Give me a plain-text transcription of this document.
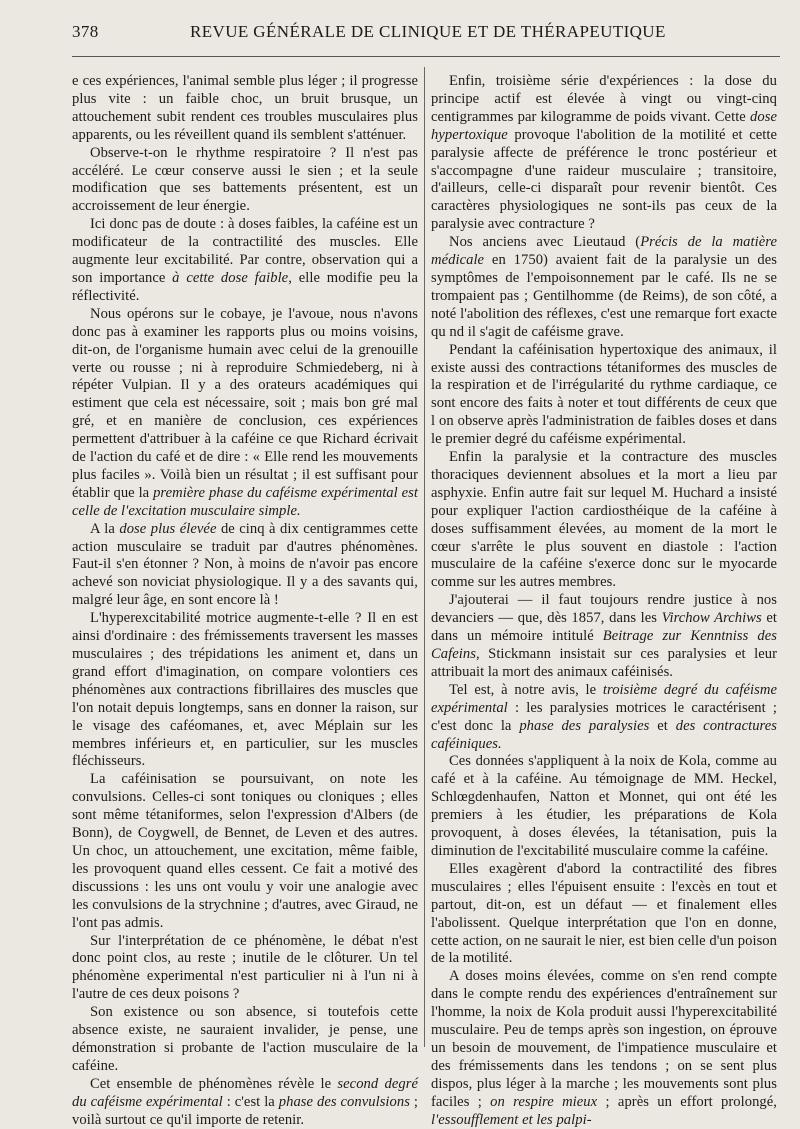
378	REVUE GÉNÉRALE DE CLINIQUE ET DE THÉRAPEUTIQUE

e ces expériences, l'animal semble plus léger ; il progresse plus vite : un faible choc, un bruit brusque, un attouchement subit rendent ces troubles musculaires plus apparents, ou les réveillent quand ils semblent s'atténuer.

Observe-t-on le rhythme respiratoire ? Il n'est pas accéléré. Le cœur conserve aussi le sien ; et la seule modification que ses battements présentent, est un accroissement de leur énergie.

Ici donc pas de doute : à doses faibles, la caféine est un modificateur de la contractilité des muscles. Elle augmente leur excitabilité. Par contre, observation qui a son importance à cette dose faible, elle modifie peu la réflectivité.

Nous opérons sur le cobaye, je l'avoue, nous n'avons donc pas à examiner les rapports plus ou moins voisins, dit-on, de l'organisme humain avec celui de la grenouille verte ou rousse ; ni à reproduire Schmiedeberg, ni à répéter Vulpian. Il y a des orateurs académiques qui estiment que cela est nécessaire, soit ; mais bon gré mal gré, et en manière de conclusion, ces expériences permettent d'attribuer à la caféine ce que Richard écrivait de l'action du café et de dire : « Elle rend les mouvements plus faciles ». Voilà bien un résultat ; il est suffisant pour établir que la première phase du caféisme expérimental est celle de l'excitation musculaire simple.

A la dose plus élevée de cinq à dix centigrammes cette action musculaire se traduit par d'autres phénomènes. Faut-il s'en étonner ? Non, à moins de n'avoir pas encore achevé son noviciat physiologique. Il y a des savants qui, malgré leur âge, en sont encore là !

L'hyperexcitabilité motrice augmente-t-elle ? Il en est ainsi d'ordinaire : des frémissements traversent les masses musculaires ; des trépidations les animent et, dans un grand effort d'imagination, on compare volontiers ces phénomènes aux contractions fibrillaires des muscles que l'on notait depuis longtemps, sans en donner la raison, sur le visage des caféomanes, et, avec Méplain sur les membres inférieurs et, en particulier, sur les muscles fléchisseurs.

La caféinisation se poursuivant, on note les convulsions. Celles-ci sont toniques ou cloniques ; elles sont même tétaniformes, selon l'expression d'Albers (de Bonn), de Coygwell, de Bennet, de Leven et des autres. Un choc, un attouchement, une excitation, même faible, les provoquent quand elles cessent. Ce fait a motivé des discussions : les uns ont voulu y voir une analogie avec les convulsions de la strychnine ; d'autres, avec Giraud, ne l'ont pas admis.

Sur l'interprétation de ce phénomène, le débat n'est donc point clos, au reste ; inutile de le clôturer. Un tel phénomène experimental n'est particulier ni à l'un ni à l'autre de ces deux poisons ?

Son existence ou son absence, si toutefois cette absence existe, ne sauraient invalider, je pense, une démonstration si probante de l'action musculaire de la caféine.

Cet ensemble de phénomènes révèle le second degré du caféisme expérimental : c'est la phase des convulsions ; voilà surtout ce qu'il importe de retenir.

Enfin, troisième série d'expériences : la dose du principe actif est élevée à vingt ou vingt-cinq centigrammes par kilogramme de poids vivant. Cette dose hypertoxique provoque l'abolition de la motilité et cette paralysie affecte de préférence le tronc postérieur et s'accompagne d'une raideur musculaire ; transitoire, d'ailleurs, celle-ci disparaît pour revenir bientôt. Ces caractères physiologiques ne sont-ils pas ceux de la paralysie avec contracture ?

Nos anciens avec Lieutaud (Précis de la matière médicale en 1750) avaient fait de la paralysie un des symptômes de l'empoisonnement par le café. Ils ne se trompaient pas ; Gentilhomme (de Reims), de son côté, a noté l'abolition des réflexes, c'est une remarque fort exacte qu nd il s'agit de caféisme grave.

Pendant la caféinisation hypertoxique des animaux, il existe aussi des contractions tétaniformes des muscles de la respiration et de l'irrégularité du rythme cardiaque, ce sont encore des faits à noter et tout différents de ceux que l on observe après l'administration de faibles doses et dans le premier degré du caféisme expérimental.

Enfin la paralysie et la contracture des muscles thoraciques deviennent absolues et la mort a lieu par asphyxie. Enfin autre fait sur lequel M. Huchard a insisté pour expliquer l'action cardiosthéique de la caféine à doses suffisamment élevées, au moment de la mort le cœur s'arrête le plus souvent en diastole : l'action musculaire de la caféine s'exerce donc sur le myocarde comme sur les autres membres.

J'ajouterai — il faut toujours rendre justice à nos devanciers — que, dès 1857, dans les Virchow Archiws et dans un mémoire intitulé Beitrage zur Kenntniss des Cafeins, Stickmann insistait sur ces paralysies et leur attribuait la mort des animaux caféinisés.

Tel est, à notre avis, le troisième degré du caféisme expérimental : les paralysies motrices le caractérisent ; c'est donc la phase des paralysies et des contractures caféiniques.

Ces données s'appliquent à la noix de Kola, comme au café et à la caféine. Au témoignage de MM. Heckel, Schlœgdenhaufen, Natton et Monnet, qui ont été les premiers à les étudier, les préparations de Kola provoquent, à doses élevées, la tétanisation, puis la diminution de l'excitabilité musculaire comme la caféine.

Elles exagèrent d'abord la contractilité des fibres musculaires ; elles l'épuisent ensuite : l'excès en tout et partout, dit-on, est un défaut — et finalement elles l'abolissent. Quelque interprétation que l'on en donne, cette action, on ne saurait le nier, est bien celle d'un poison de la motilité.

A doses moins élevées, comme on s'en rend compte dans le compte rendu des expériences d'entraînement sur l'homme, la noix de Kola produit aussi l'hyperexcitabilité musculaire. Peu de temps après son ingestion, on éprouve un besoin de mouvement, de l'impatience musculaire et des frémissements dans les tendons ; on se sent plus dispos, plus léger à la marche ; les mouvements sont plus faciles ; on respire mieux ; après un effort prolongé, l'essoufflement et les palpi-
